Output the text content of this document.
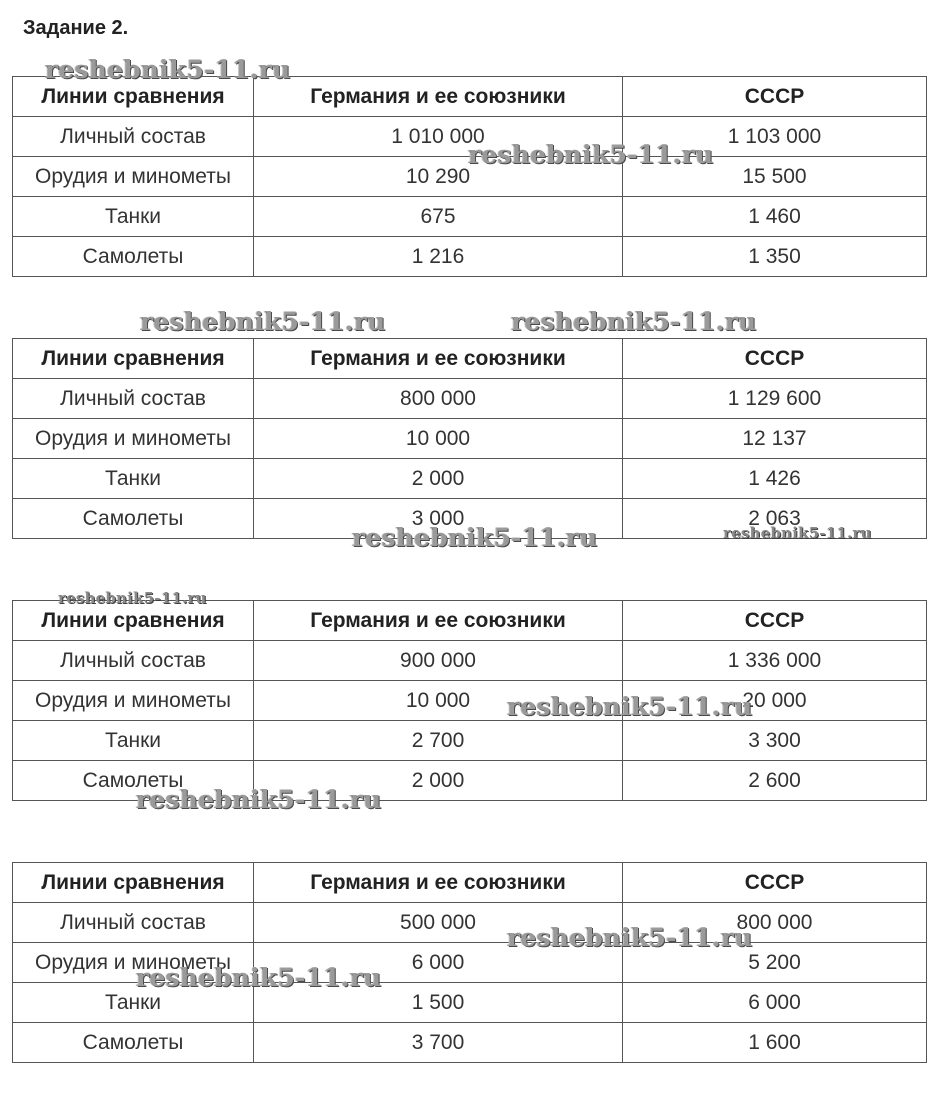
Задание 2.
Линии сравнения	Германия и ее союзники	СССР
Личный состав	1 010 000	1 103 000
Орудия и минометы	10 290	15 500
Танки	675	1 460
Самолеты	1 216	1 350
Линии сравнения	Германия и ее союзники	СССР
Личный состав	800 000	1 129 600
Орудия и минометы	10 000	12 137
Танки	2 000	1 426
Самолеты	3 000	2 063
Линии сравнения	Германия и ее союзники	СССР
Личный состав	900 000	1 336 000
Орудия и минометы	10 000	20 000
Танки	2 700	3 300
Самолеты	2 000	2 600
Линии сравнения	Германия и ее союзники	СССР
Личный состав	500 000	800 000
Орудия и минометы	6 000	5 200
Танки	1 500	6 000
Самолеты	3 700	1 600
reshebnik5-11.ru
reshebnik5-11.ru
reshebnik5-11.ru	reshebnik5-11.ru
reshebnik5-11.ru	reshebnik5-11.ru
reshebnik5-11.ru
reshebnik5-11.ru
reshebnik5-11.ru
reshebnik5-11.ru
reshebnik5-11.ru
